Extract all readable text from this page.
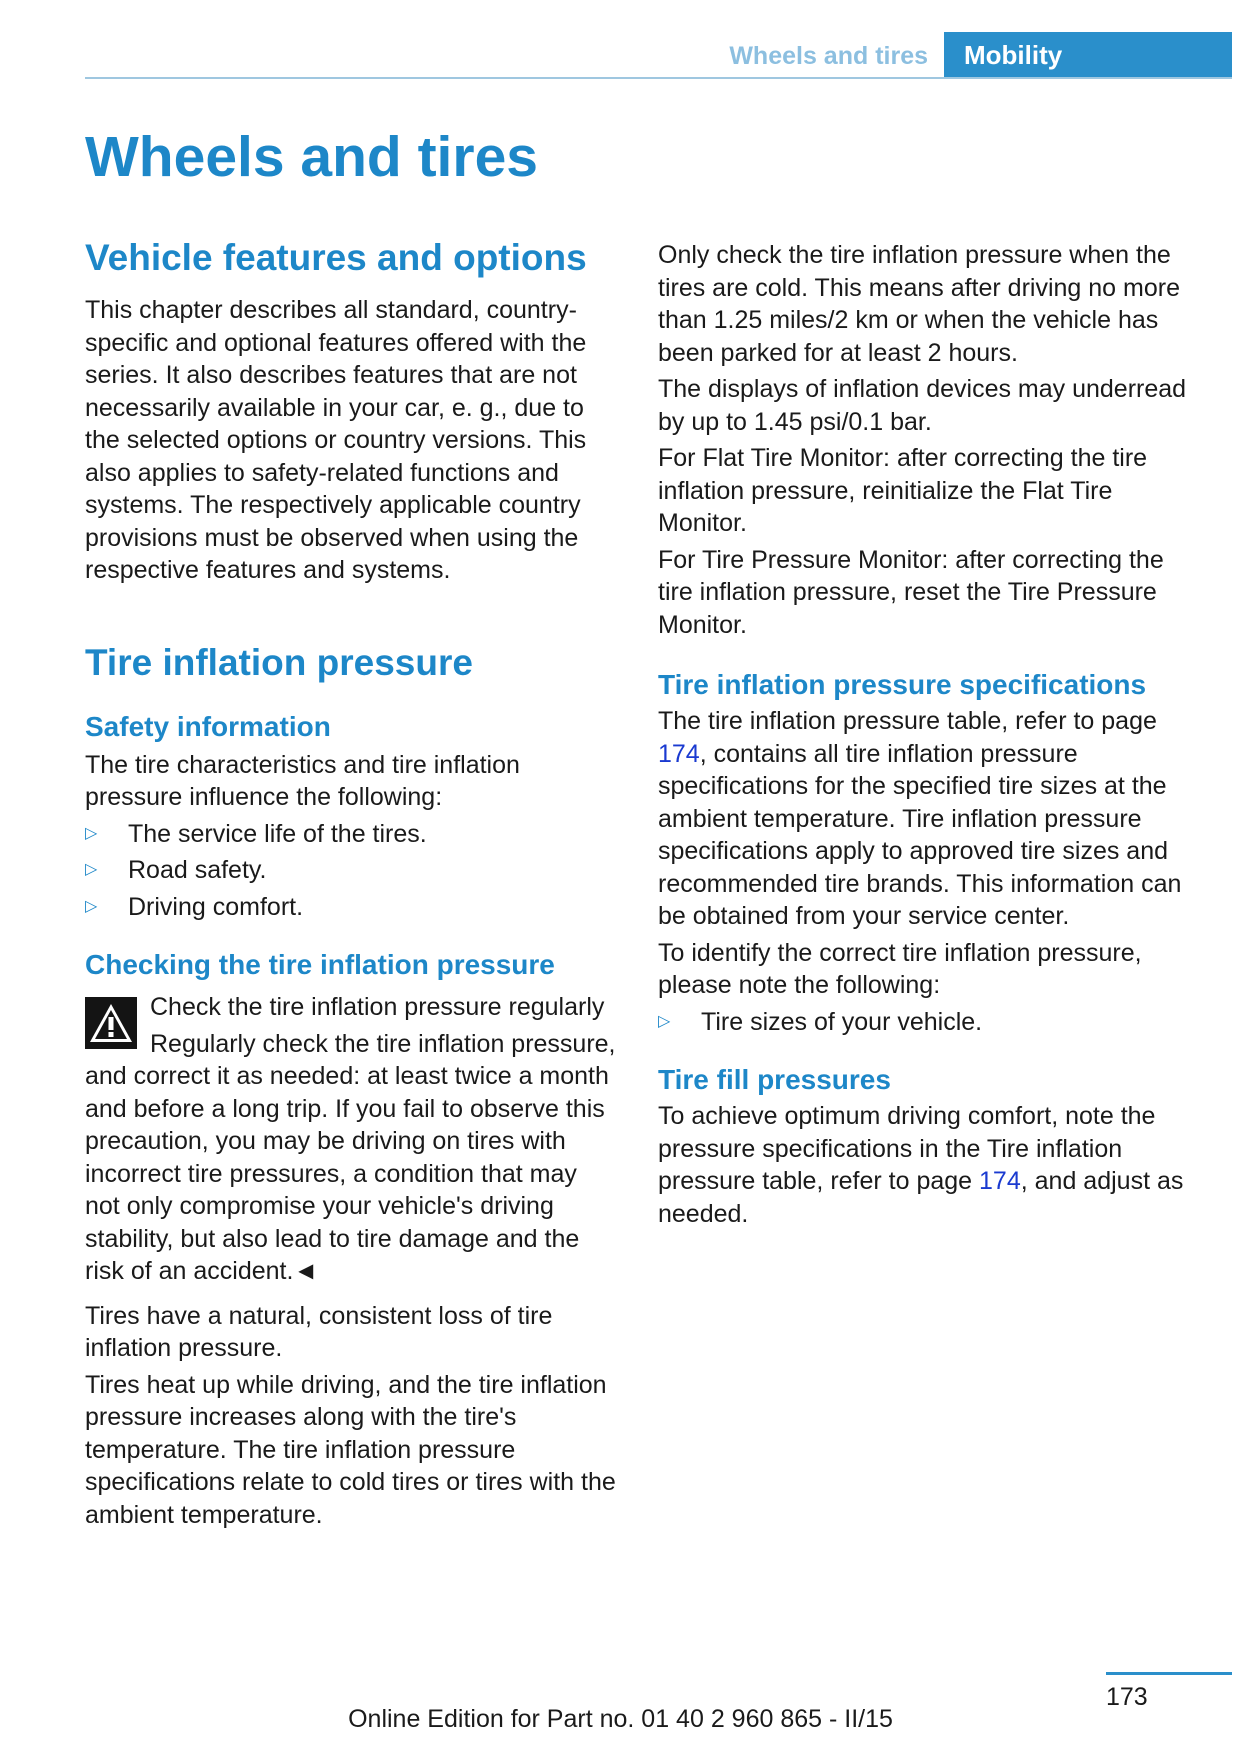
Wheels and tires	Mobility
Wheels and tires
Vehicle features and options

This chapter describes all standard, country-specific and optional features offered with the series. It also describes features that are not necessarily available in your car, e. g., due to the selected options or country versions. This also applies to safety-related functions and systems. The respectively applicable country provisions must be observed when using the respective features and systems.

Tire inflation pressure
Safety information

The tire characteristics and tire inflation pressure influence the following:

▷ The service life of the tires.
▷ Road safety.
▷ Driving comfort.
Checking the tire inflation pressure

Check the tire inflation pressure regularly

Regularly check the tire inflation pressure, and correct it as needed: at least twice a month and before a long trip. If you fail to observe this precaution, you may be driving on tires with incorrect tire pressures, a condition that may not only compromise your vehicle's driving stability, but also lead to tire damage and the risk of an accident.◄

Tires have a natural, consistent loss of tire inflation pressure.

Tires heat up while driving, and the tire inflation pressure increases along with the tire's temperature. The tire inflation pressure specifications relate to cold tires or tires with the ambient temperature.

Only check the tire inflation pressure when the tires are cold. This means after driving no more than 1.25 miles/2 km or when the vehicle has been parked for at least 2 hours.

The displays of inflation devices may underread by up to 1.45 psi/0.1 bar.

For Flat Tire Monitor: after correcting the tire inflation pressure, reinitialize the Flat Tire Monitor.

For Tire Pressure Monitor: after correcting the tire inflation pressure, reset the Tire Pressure Monitor.

Tire inflation pressure specifications

The tire inflation pressure table, refer to page 174, contains all tire inflation pressure specifications for the specified tire sizes at the ambient temperature. Tire inflation pressure specifications apply to approved tire sizes and recommended tire brands. This information can be obtained from your service center.

To identify the correct tire inflation pressure, please note the following:

▷ Tire sizes of your vehicle.
Tire fill pressures

To achieve optimum driving comfort, note the pressure specifications in the Tire inflation pressure table, refer to page 174, and adjust as needed.

173
Online Edition for Part no. 01 40 2 960 865 - II/15
